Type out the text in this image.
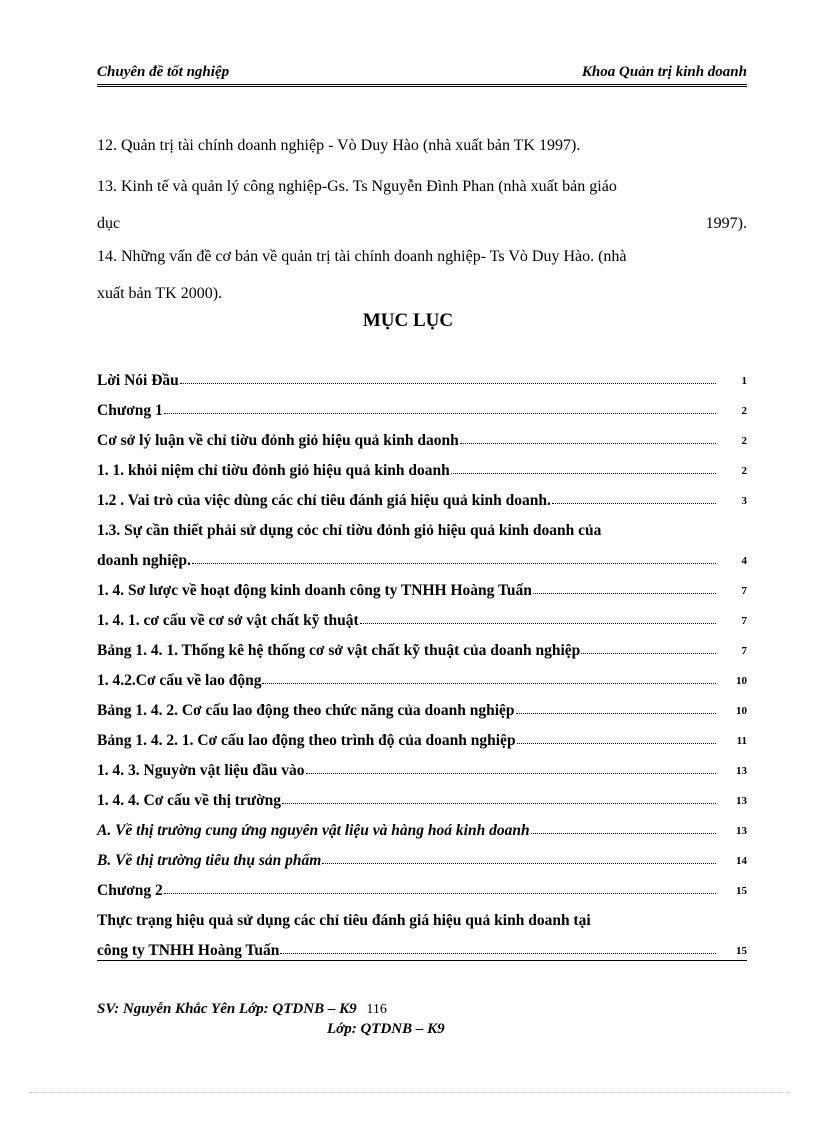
Chuyên đề tốt nghiệp	Khoa Quản trị kinh doanh
12. Quản trị tài chính doanh nghiệp - Vò Duy Hào (nhà xuất bản TK 1997).
13. Kinh tế và quản lý công nghiệp-Gs. Ts Nguyễn Đình Phan (nhà xuất bản giáo
dục	1997).
14. Những vấn đề cơ bản về quản trị tài chính doanh nghiệp- Ts Vò Duy Hào. (nhà
xuất bản TK 2000).
MỤC LỤC
Lời Nói Đầu	1
Chương 1	2
Cơ sở lý luận về chỉ tiờu đỏnh giỏ hiệu quả kinh daonh	2
1. 1. khỏi niệm chỉ tiờu đỏnh giỏ hiệu quả kinh doanh	2
1.2 . Vai trò của việc dùng các chỉ tiêu đánh giá hiệu quả kinh doanh.	3
1.3. Sự cần thiết phải sử dụng cỏc chỉ tiờu đỏnh giỏ hiệu quả kinh doanh của
doanh nghiệp.	4
1. 4. Sơ lược về hoạt động kinh doanh công ty TNHH Hoàng Tuấn	7
1. 4. 1. cơ cấu về cơ sở vật chất kỹ thuật	7
Bảng 1. 4. 1. Thống kê hệ thống cơ sở vật chất kỹ thuật của doanh nghiệp	7
1. 4.2.Cơ cấu về lao động	10
Bảng 1. 4. 2. Cơ cấu lao động theo chức năng của doanh nghiệp	10
Bảng 1. 4. 2. 1. Cơ cấu lao động theo trình độ của doanh nghiệp	11
1. 4. 3. Nguyờn vật liệu đầu vào	13
1. 4. 4. Cơ cấu về thị trường	13
A. Về thị trường cung ứng nguyên vật liệu và hàng hoá kinh doanh	13
B. Về thị trường tiêu thụ sản phẩm	14
Chương 2	15
Thực trạng hiệu quả sử dụng các chỉ tiêu đánh giá hiệu quả kinh doanh tại
công ty TNHH Hoàng Tuấn	15
SV: Nguyễn Khắc Yên Lớp: QTDNB – K9 116
Lớp: QTDNB – K9
